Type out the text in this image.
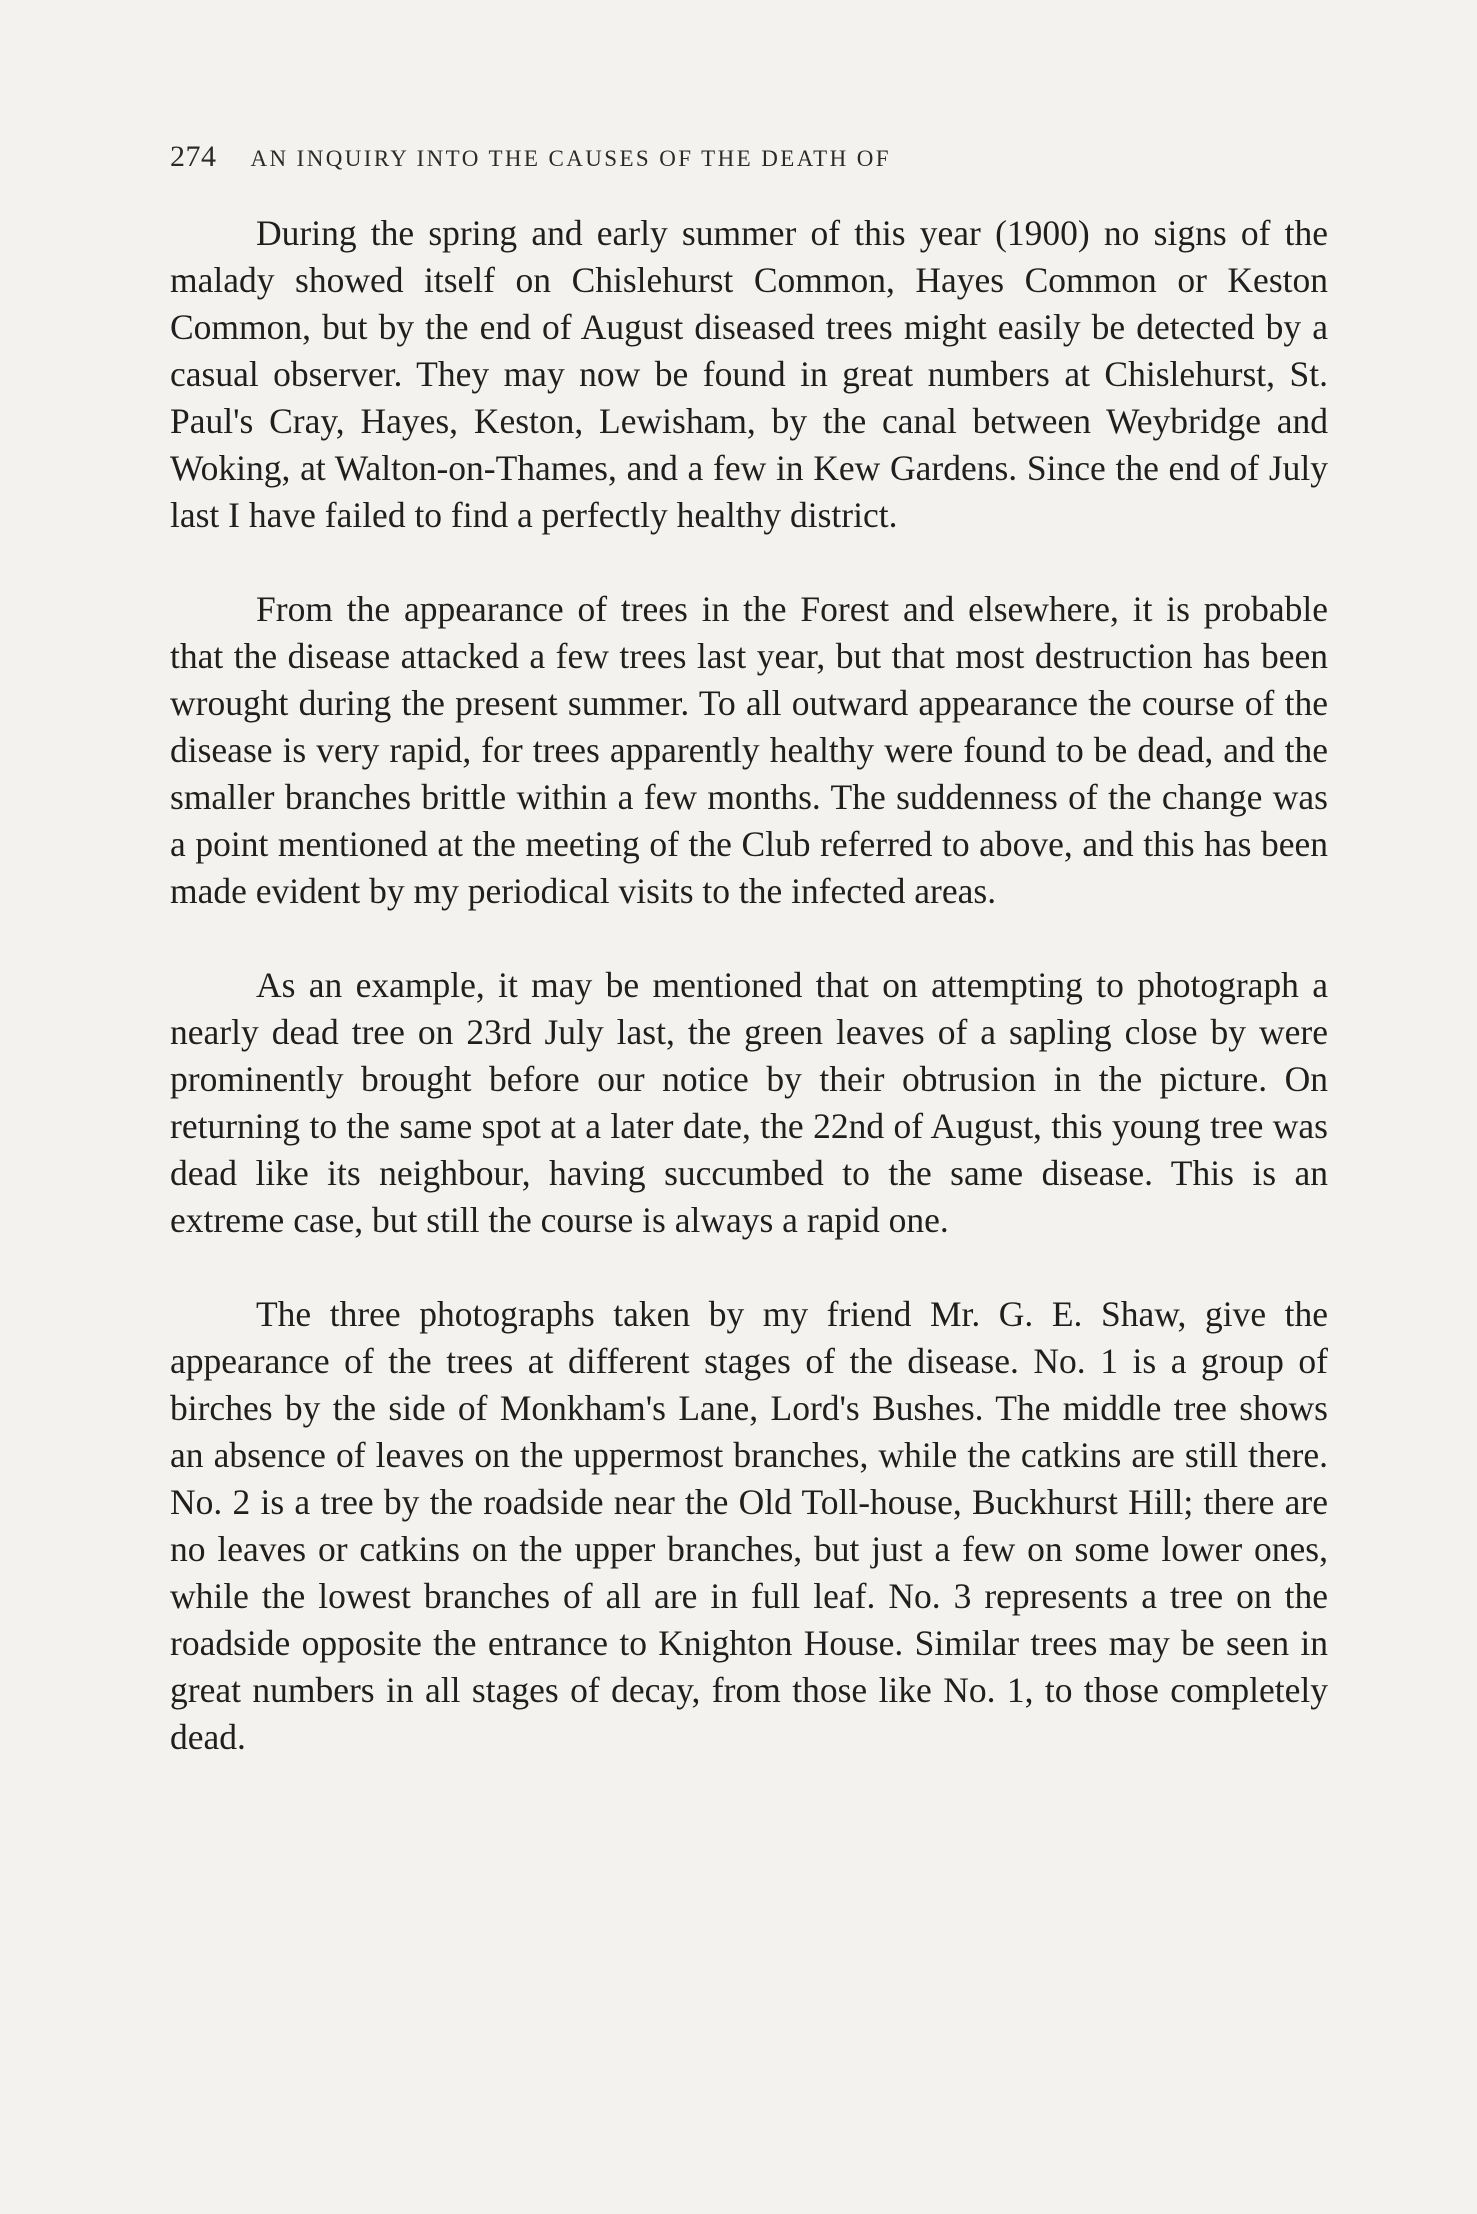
274 AN INQUIRY INTO THE CAUSES OF THE DEATH OF

During the spring and early summer of this year (1900) no signs of the malady showed itself on Chislehurst Common, Hayes Common or Keston Common, but by the end of August diseased trees might easily be detected by a casual observer. They may now be found in great numbers at Chislehurst, St. Paul's Cray, Hayes, Keston, Lewisham, by the canal between Weybridge and Woking, at Walton-on-Thames, and a few in Kew Gardens. Since the end of July last I have failed to find a perfectly healthy district.

From the appearance of trees in the Forest and elsewhere, it is probable that the disease attacked a few trees last year, but that most destruction has been wrought during the present summer. To all outward appearance the course of the disease is very rapid, for trees apparently healthy were found to be dead, and the smaller branches brittle within a few months. The suddenness of the change was a point mentioned at the meeting of the Club referred to above, and this has been made evident by my periodical visits to the infected areas.

As an example, it may be mentioned that on attempting to photograph a nearly dead tree on 23rd July last, the green leaves of a sapling close by were prominently brought before our notice by their obtrusion in the picture. On returning to the same spot at a later date, the 22nd of August, this young tree was dead like its neighbour, having succumbed to the same disease. This is an extreme case, but still the course is always a rapid one.

The three photographs taken by my friend Mr. G. E. Shaw, give the appearance of the trees at different stages of the disease. No. 1 is a group of birches by the side of Monkham's Lane, Lord's Bushes. The middle tree shows an absence of leaves on the uppermost branches, while the catkins are still there. No. 2 is a tree by the roadside near the Old Toll-house, Buckhurst Hill; there are no leaves or catkins on the upper branches, but just a few on some lower ones, while the lowest branches of all are in full leaf. No. 3 represents a tree on the roadside opposite the entrance to Knighton House. Similar trees may be seen in great numbers in all stages of decay, from those like No. 1, to those completely dead.
